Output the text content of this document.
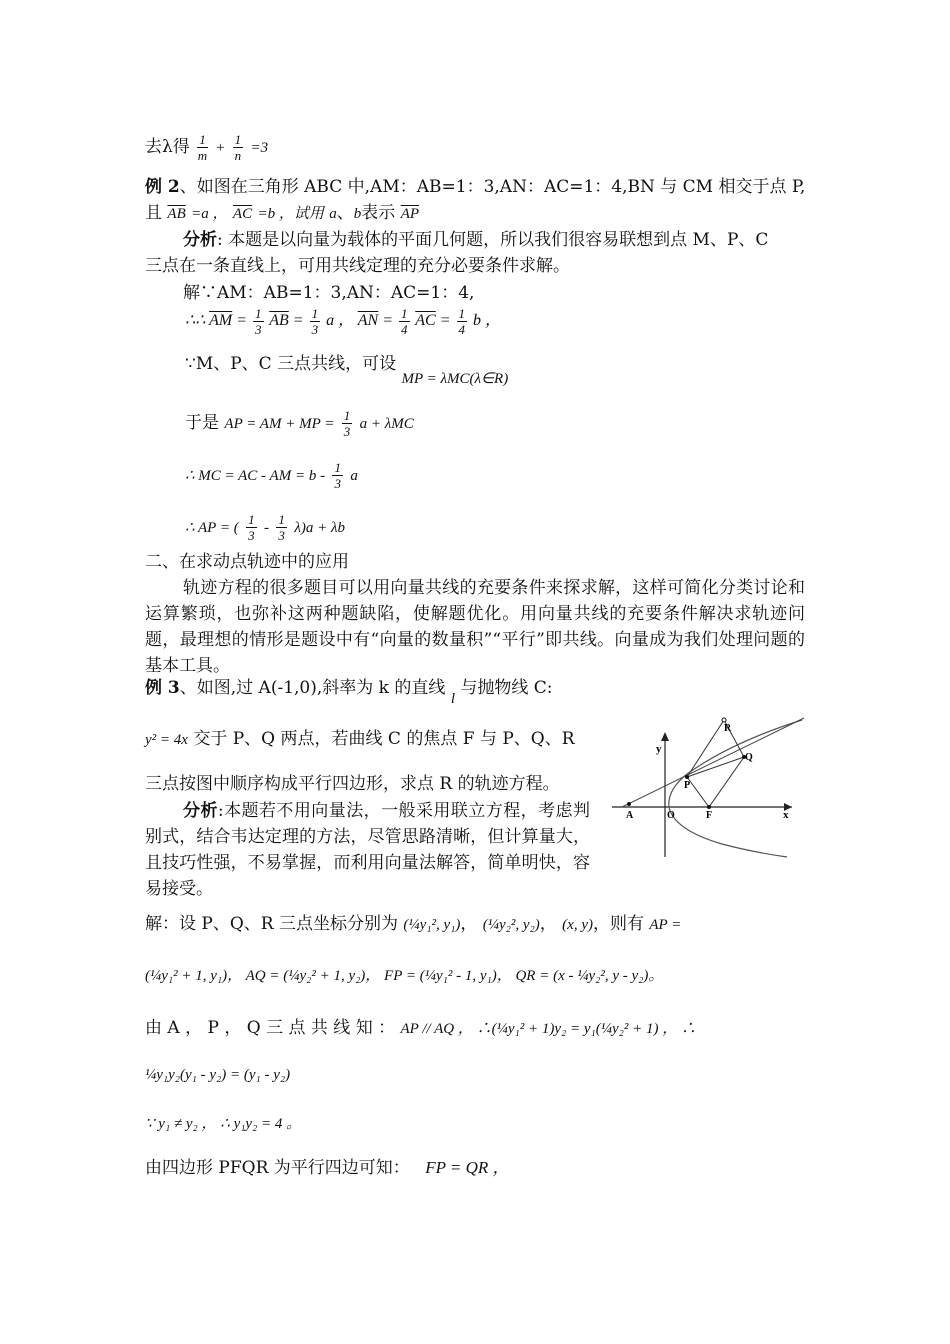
去λ得 $\frac{1}{m} + \frac{1}{n} =3$
例 2、如图在三角形 ABC 中,AM：AB=1：3,AN：AC=1：4,BN 与 CM 相交于点 P,
且 $\overline{AB} =a$ ， $\overline{AC} =b$ ，试用 a、b表示 $\overline{AP}$
分析: 本题是以向量为载体的平面几何题，所以我们很容易联想到点 M、P、C
三点在一条直线上，可用共线定理的充分必要条件求解。
解∵AM：AB=1：3,AN：AC=1：4,
∴∴ $\overline{AM} = \frac{1}{3} \overline{AB} = \frac{1}{3}$ a ， $\overline{AN} = \frac{1}{4} \overline{AC} = \frac{1}{4}$ b ，
∵M、P、C 三点共线，可设 MP = λMC(λ∈R)
于是 AP = AM + MP = $\frac{1}{3}$ a + λMC
∴ MC = AC - AM = b - $\frac{1}{3}$ a
∴ AP = ( $\frac{1}{3} - \frac{1}{3} \lambda)a + \lambda b$
二、在求动点轨迹中的应用
轨迹方程的很多题目可以用向量共线的充要条件来探求解，这样可简化分类讨论和运算繁琐，也弥补这两种题缺陷，使解题优化。用向量共线的充要条件解决求轨迹问题，最理想的情形是题设中有“向量的数量积”“平行”即共线。向量成为我们处理问题的基本工具。
例 3、如图,过 A(-1,0),斜率为 k 的直线 l 与抛物线 C:
y² = 4x 交于 P、Q 两点，若曲线 C 的焦点 F 与 P、Q、R
三点按图中顺序构成平行四边形，求点 R 的轨迹方程。
分析:本题若不用向量法，一般采用联立方程，考虑判别式，结合韦达定理的方法，尽管思路清晰，但计算量大，且技巧性强，不易掌握，而利用向量法解答，简单明快，容易接受。
y
x
A	O	F
P
Q
R
解：设 P、Q、R 三点坐标分别为 (¼y₁², y₁)， (¼y₂², y₂)， (x, y)，则有 AP =
(¼y₁² + 1, y₁)， AQ = (¼y₂² + 1, y₂)， FP = (¼y₁² - 1, y₁)， QR = (x - ¼y₂², y - y₂)。
由 A ， P ， Q 三 点 共 线 知 ： AP // AQ ， ∴(¼y₁² + 1)y₂ = y₁(¼y₂² + 1) ， ∴
¼y₁y₂(y₁ - y₂) = (y₁ - y₂)
∵ y₁ ≠ y₂ ， ∴ y₁y₂ = 4 。
由四边形 PFQR 为平行四边可知： FP = QR ，
